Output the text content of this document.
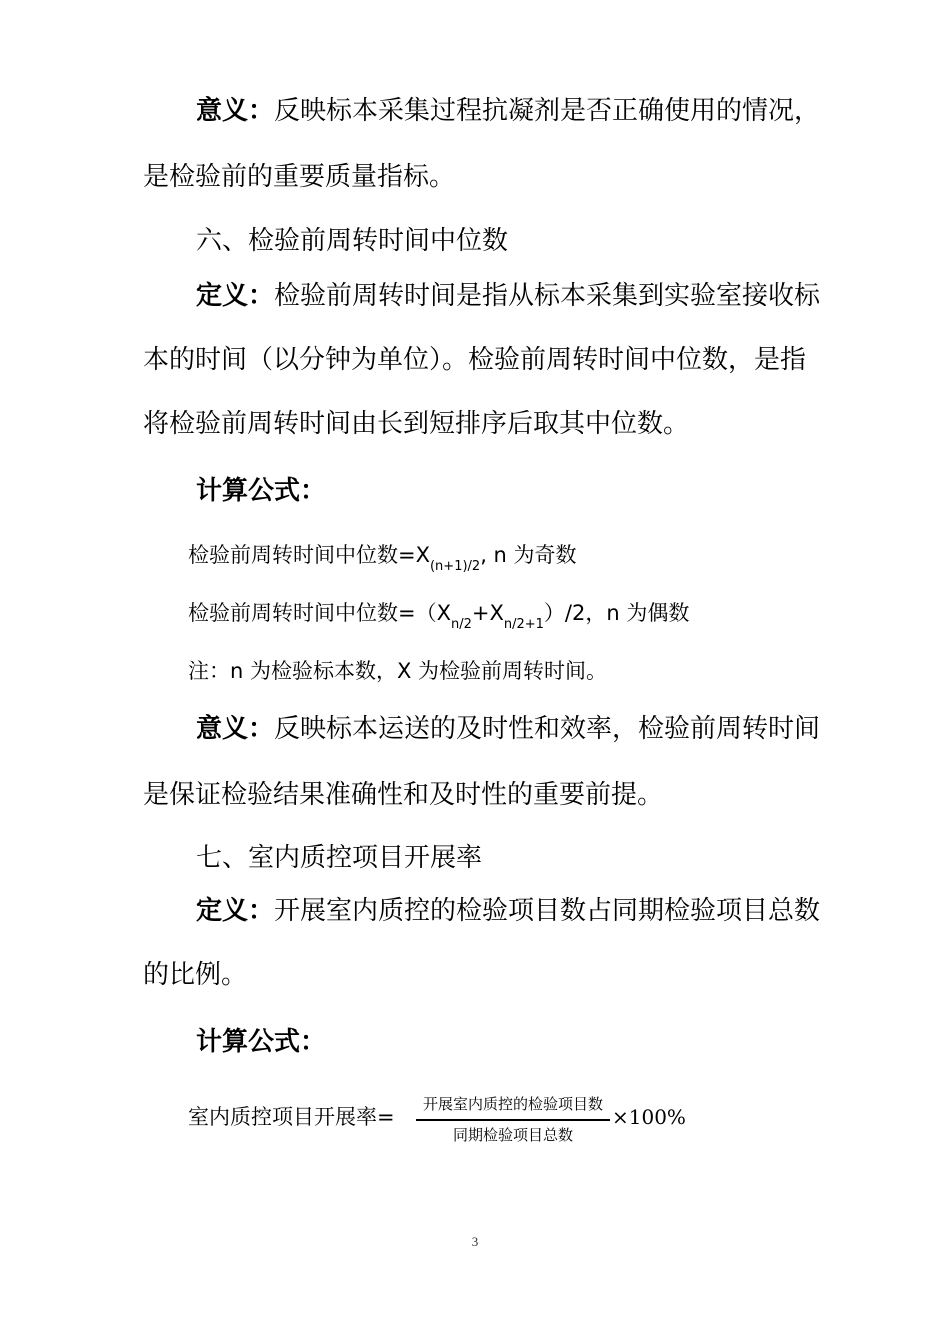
意义：反映标本采集过程抗凝剂是否正确使用的情况，
是检验前的重要质量指标。
六、检验前周转时间中位数
定义：检验前周转时间是指从标本采集到实验室接收标
本的时间（以分钟为单位）。检验前周转时间中位数，是指
将检验前周转时间由长到短排序后取其中位数。
计算公式：
检验前周转时间中位数$=X_{(n+1)/2}$, n 为奇数
检验前周转时间中位数$=(X_{n/2}+X_{n/2+1})/2$，n 为偶数
注：n 为检验标本数，X 为检验前周转时间。
意义：反映标本运送的及时性和效率，检验前周转时间
是保证检验结果准确性和及时性的重要前提。
七、室内质控项目开展率
定义：开展室内质控的检验项目数占同期检验项目总数
的比例。
计算公式：
室内质控项目开展率=
开展室内质控的检验项目数
同期检验项目总数
×100%
3
